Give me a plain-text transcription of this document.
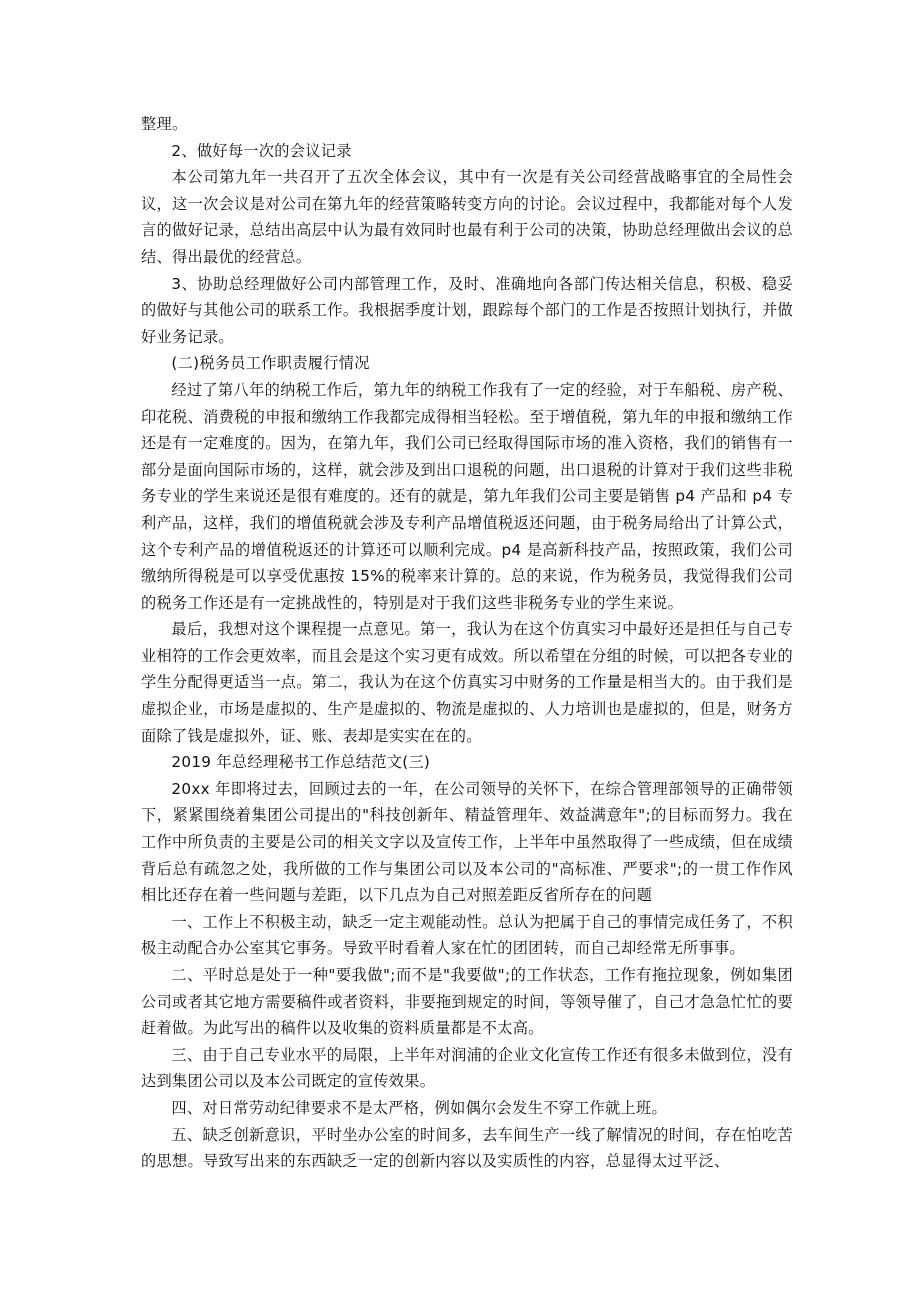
整理。

2、做好每一次的会议记录

本公司第九年一共召开了五次全体会议，其中有一次是有关公司经营战略事宜的全局性会议，这一次会议是对公司在第九年的经营策略转变方向的讨论。会议过程中，我都能对每个人发言的做好记录，总结出高层中认为最有效同时也最有利于公司的决策，协助总经理做出会议的总结、得出最优的经营总。

3、协助总经理做好公司内部管理工作，及时、准确地向各部门传达相关信息，积极、稳妥的做好与其他公司的联系工作。我根据季度计划，跟踪每个部门的工作是否按照计划执行，并做好业务记录。

(二)税务员工作职责履行情况

经过了第八年的纳税工作后，第九年的纳税工作我有了一定的经验，对于车船税、房产税、印花税、消费税的申报和缴纳工作我都完成得相当轻松。至于增值税，第九年的申报和缴纳工作还是有一定难度的。因为，在第九年，我们公司已经取得国际市场的准入资格，我们的销售有一部分是面向国际市场的，这样，就会涉及到出口退税的问题，出口退税的计算对于我们这些非税务专业的学生来说还是很有难度的。还有的就是，第九年我们公司主要是销售 p4 产品和 p4 专利产品，这样，我们的增值税就会涉及专利产品增值税返还问题，由于税务局给出了计算公式，这个专利产品的增值税返还的计算还可以顺利完成。p4 是高新科技产品，按照政策，我们公司缴纳所得税是可以享受优惠按 15%的税率来计算的。总的来说，作为税务员，我觉得我们公司的税务工作还是有一定挑战性的，特别是对于我们这些非税务专业的学生来说。

最后，我想对这个课程提一点意见。第一，我认为在这个仿真实习中最好还是担任与自己专业相符的工作会更效率，而且会是这个实习更有成效。所以希望在分组的时候，可以把各专业的学生分配得更适当一点。第二，我认为在这个仿真实习中财务的工作量是相当大的。由于我们是虚拟企业，市场是虚拟的、生产是虚拟的、物流是虚拟的、人力培训也是虚拟的，但是，财务方面除了钱是虚拟外，证、账、表却是实实在在的。

2019 年总经理秘书工作总结范文(三)

20xx 年即将过去，回顾过去的一年，在公司领导的关怀下，在综合管理部领导的正确带领下，紧紧围绕着集团公司提出的"科技创新年、精益管理年、效益满意年";的目标而努力。我在工作中所负责的主要是公司的相关文字以及宣传工作，上半年中虽然取得了一些成绩，但在成绩背后总有疏忽之处，我所做的工作与集团公司以及本公司的"高标准、严要求";的一贯工作作风相比还存在着一些问题与差距，以下几点为自己对照差距反省所存在的问题

一、工作上不积极主动，缺乏一定主观能动性。总认为把属于自己的事情完成任务了，不积极主动配合办公室其它事务。导致平时看着人家在忙的团团转，而自己却经常无所事事。

二、平时总是处于一种"要我做";而不是"我要做";的工作状态，工作有拖拉现象，例如集团公司或者其它地方需要稿件或者资料，非要拖到规定的时间，等领导催了，自己才急急忙忙的要赶着做。为此写出的稿件以及收集的资料质量都是不太高。

三、由于自己专业水平的局限，上半年对润浦的企业文化宣传工作还有很多未做到位，没有达到集团公司以及本公司既定的宣传效果。

四、对日常劳动纪律要求不是太严格，例如偶尔会发生不穿工作就上班。

五、缺乏创新意识，平时坐办公室的时间多，去车间生产一线了解情况的时间，存在怕吃苦的思想。导致写出来的东西缺乏一定的创新内容以及实质性的内容，总显得太过平泛、
